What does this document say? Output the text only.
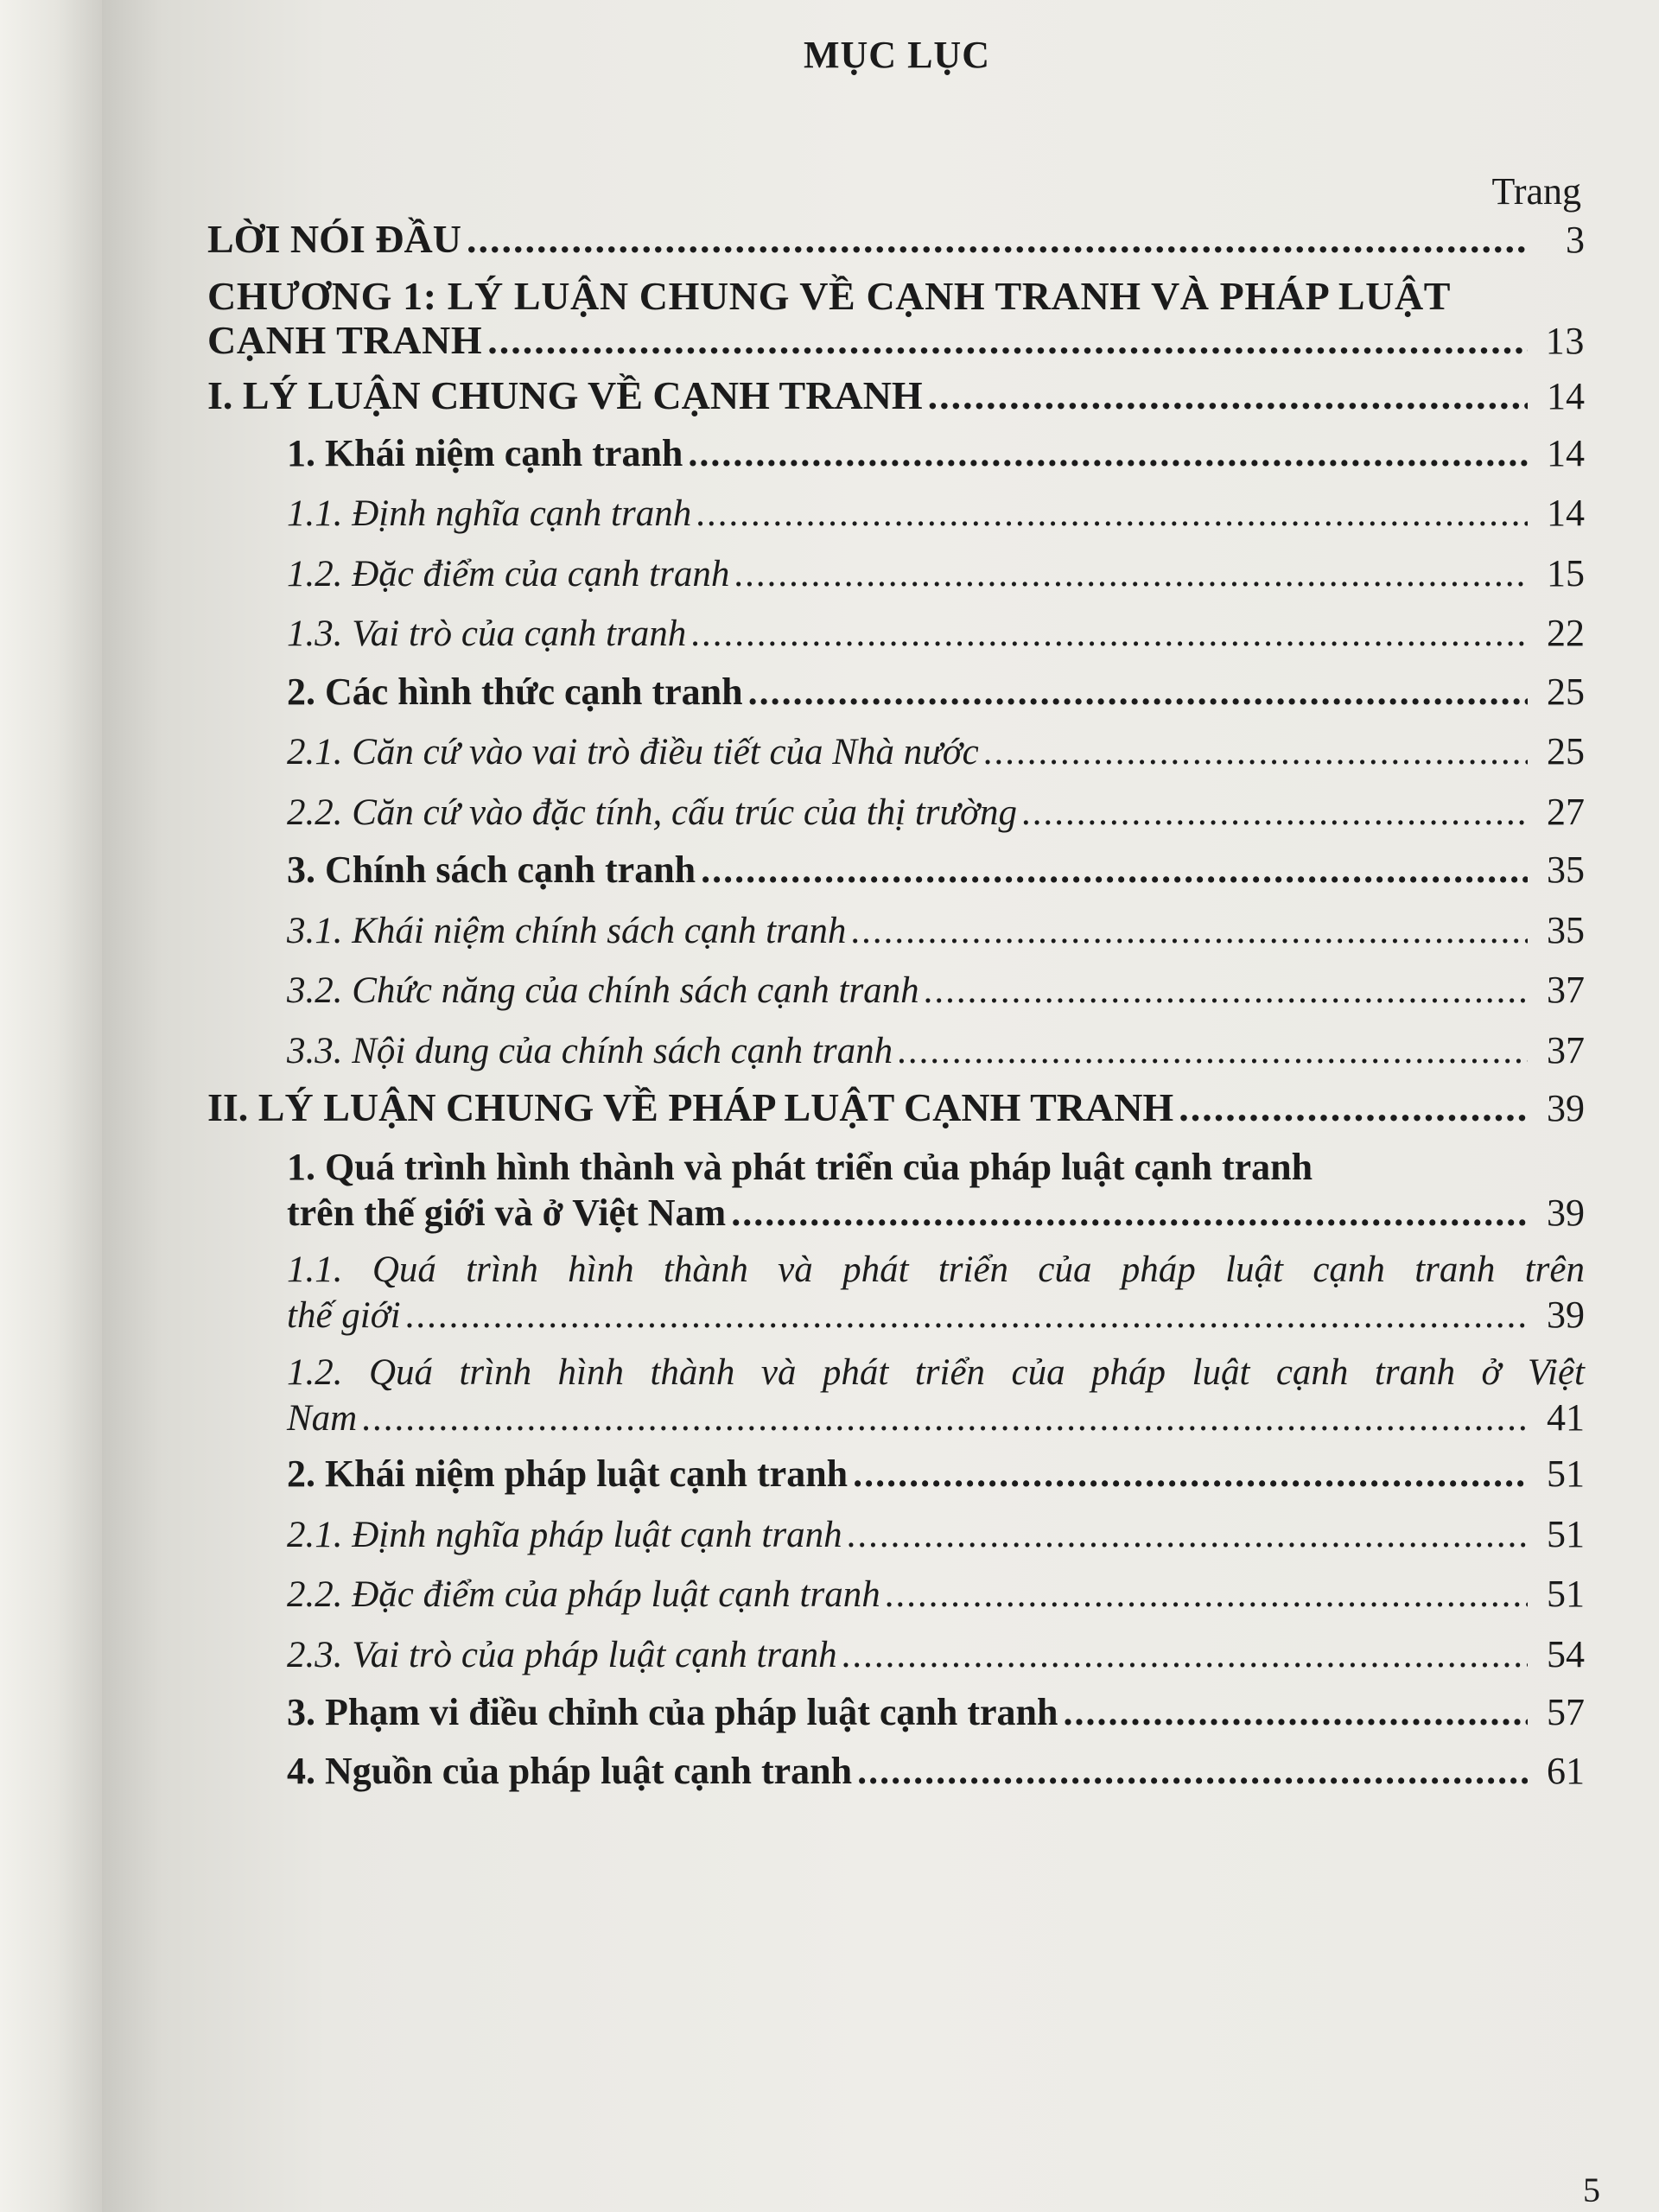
MỤC LỤC
Trang
5
LỜI NÓI ĐẦU .....	3
CHƯƠNG 1: LÝ LUẬN CHUNG VỀ CẠNH TRANH VÀ PHÁP LUẬT
CẠNH TRANH .....	13
I. LÝ LUẬN CHUNG VỀ CẠNH TRANH .....	14
1. Khái niệm cạnh tranh .....	14
1.1. Định nghĩa cạnh tranh .....	14
1.2. Đặc điểm của cạnh tranh .....	15
1.3. Vai trò của cạnh tranh .....	22
2. Các hình thức cạnh tranh .....	25
2.1. Căn cứ vào vai trò điều tiết của Nhà nước .....	25
2.2. Căn cứ vào đặc tính, cấu trúc của thị trường .....	27
3. Chính sách cạnh tranh .....	35
3.1. Khái niệm chính sách cạnh tranh .....	35
3.2. Chức năng của chính sách cạnh tranh .....	37
3.3. Nội dung của chính sách cạnh tranh .....	37
II. LÝ LUẬN CHUNG VỀ PHÁP LUẬT CẠNH TRANH .....	39
1. Quá trình hình thành và phát triển của pháp luật cạnh tranh
trên thế giới và ở Việt Nam .....	39
1.1. Quá trình hình thành và phát triển của pháp luật cạnh tranh trên
thế giới .....	39
1.2. Quá trình hình thành và phát triển của pháp luật cạnh tranh ở Việt
Nam .....	41
2. Khái niệm pháp luật cạnh tranh .....	51
2.1. Định nghĩa pháp luật cạnh tranh .....	51
2.2. Đặc điểm của pháp luật cạnh tranh .....	51
2.3. Vai trò của pháp luật cạnh tranh .....	54
3. Phạm vi điều chỉnh của pháp luật cạnh tranh .....	57
4. Nguồn của pháp luật cạnh tranh .....	61
